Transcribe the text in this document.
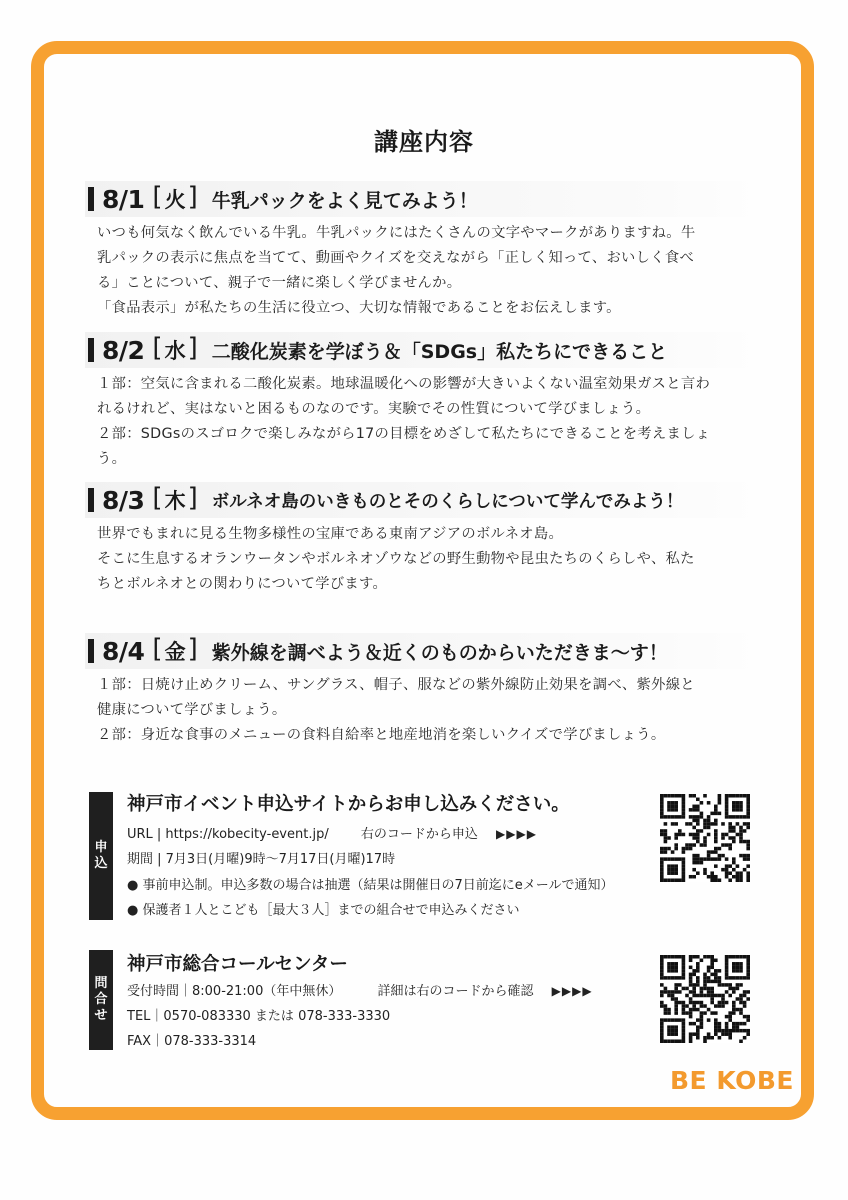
講座内容
8/1 [ 火 ] 牛乳パックをよく見てみよう！

いつも何気なく飲んでいる牛乳。牛乳パックにはたくさんの文字やマークがありますね。牛

乳パックの表示に焦点を当てて、動画やクイズを交えながら「正しく知って、おいしく食べ

る」ことについて、親子で一緒に楽しく学びませんか。

「食品表示」が私たちの生活に役立つ、大切な情報であることをお伝えします。

8/2 [ 水 ] 二酸化炭素を学ぼう＆「SDGs」私たちにできること

１部：空気に含まれる二酸化炭素。地球温暖化への影響が大きいよくない温室効果ガスと言わ

れるけれど、実はないと困るものなのです。実験でその性質について学びましょう。

２部：SDGsのスゴロクで楽しみながら17の目標をめざして私たちにできることを考えましょ

う。

8/3 [ 木 ] ボルネオ島のいきものとそのくらしについて学んでみよう！

世界でもまれに見る生物多様性の宝庫である東南アジアのボルネオ島。

そこに生息するオランウータンやボルネオゾウなどの野生動物や昆虫たちのくらしや、私た

ちとボルネオとの関わりについて学びます。

8/4 [ 金 ] 紫外線を調べよう＆近くのものからいただきま～す！

１部：日焼け止めクリーム、サングラス、帽子、服などの紫外線防止効果を調べ、紫外線と

健康について学びましょう。

２部：身近な食事のメニューの食料自給率と地産地消を楽しいクイズで学びましょう。

申
込
神戸市イベント申込サイトからお申し込みください。
URL | https://kobecity-event.jp/ 右のコードから申込 ▶▶▶▶
期間 | 7月3日(月曜)9時～7月17日(月曜)17時
● 事前申込制。申込多数の場合は抽選（結果は開催日の7日前迄にeメールで通知）
● 保護者１人とこども［最大３人］までの組合せで申込みください
問
合
せ
神戸市総合コールセンター
受付時間｜8:00-21:00（年中無休）	詳細は右のコードから確認 ▶▶▶▶
TEL｜0570-083330 または 078-333-3330
FAX｜078-333-3314
BE KOBE
